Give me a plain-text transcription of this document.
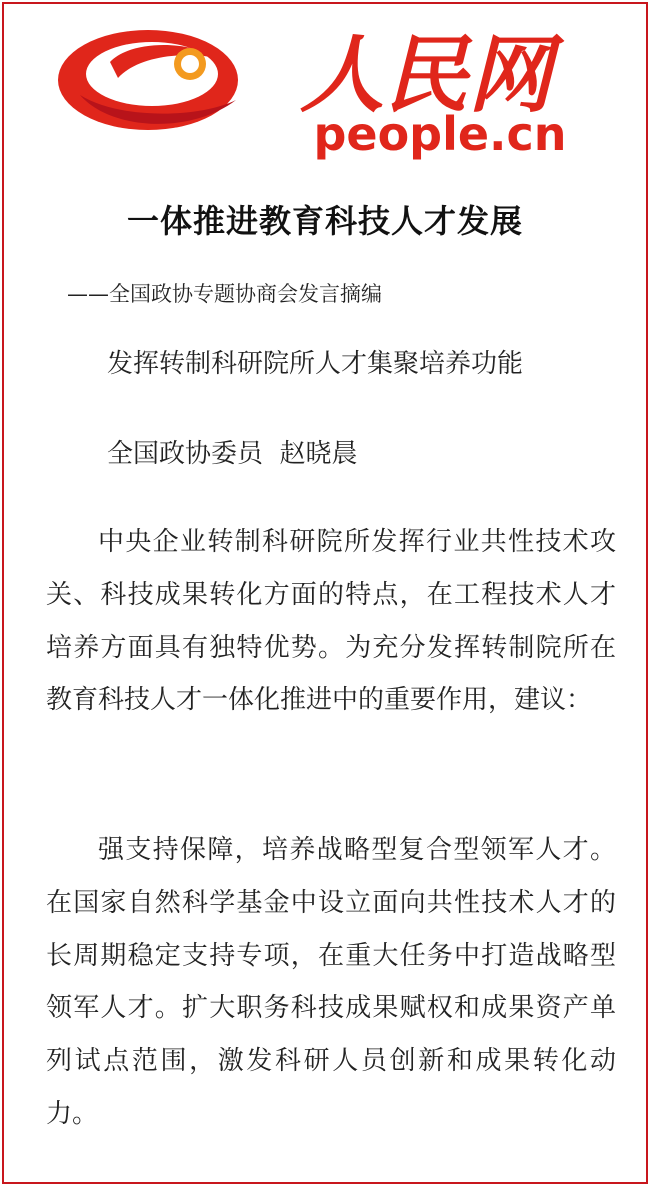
人民网
people.cn
一体推进教育科技人才发展

——全国政协专题协商会发言摘编

发挥转制科研院所人才集聚培养功能

全国政协委员  赵晓晨

中央企业转制科研院所发挥行业共性技术攻关、科技成果转化方面的特点，在工程技术人才培养方面具有独特优势。为充分发挥转制院所在教育科技人才一体化推进中的重要作用，建议：

强支持保障，培养战略型复合型领军人才。在国家自然科学基金中设立面向共性技术人才的长周期稳定支持专项，在重大任务中打造战略型领军人才。扩大职务科技成果赋权和成果资产单列试点范围，激发科研人员创新和成果转化动力。
